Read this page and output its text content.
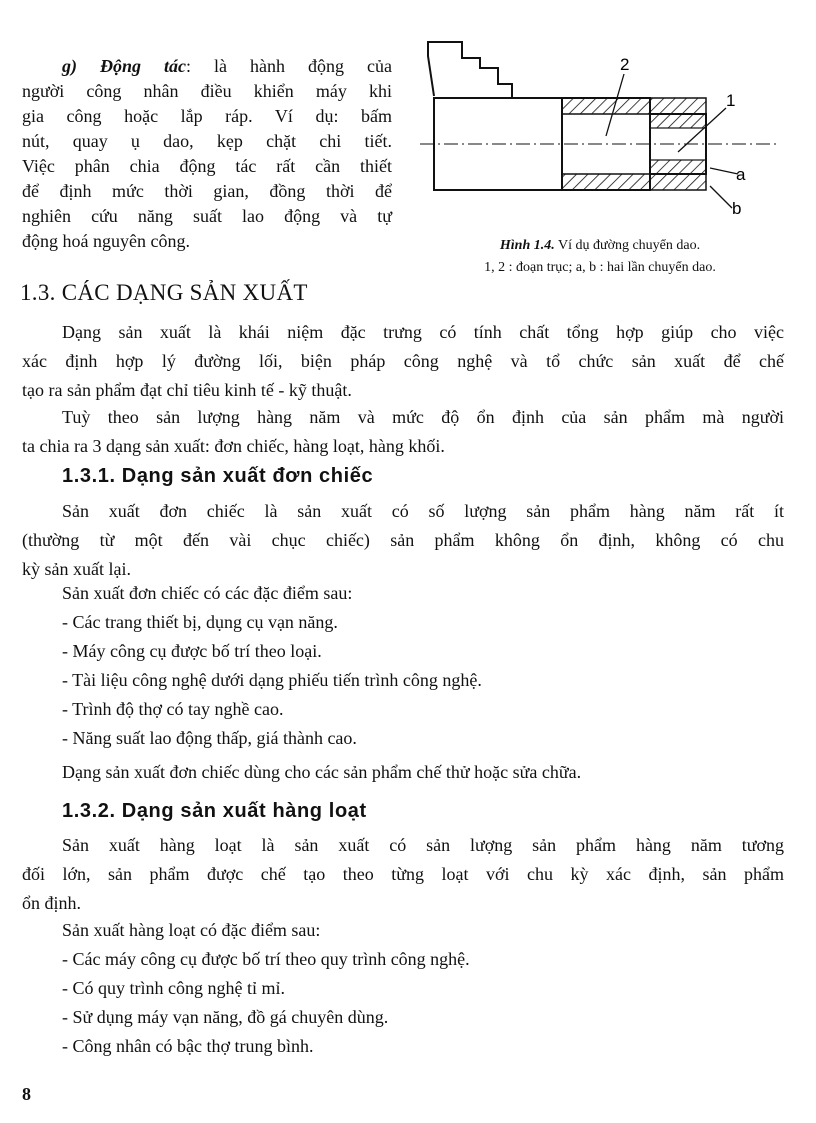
g) Động tác: là hành động của
người công nhân điều khiển máy khi
gia công hoặc lắp ráp. Ví dụ: bấm
nút, quay ụ dao, kẹp chặt chi tiết.
Việc phân chia động tác rất cần thiết
để định mức thời gian, đồng thời để
nghiên cứu năng suất lao động và tự
động hoá nguyên công.
2
1
a
b
Hình 1.4. Ví dụ đường chuyển dao.
1, 2 : đoạn trục; a, b : hai lần chuyển dao.
1.3. CÁC DẠNG SẢN XUẤT
Dạng sản xuất là khái niệm đặc trưng có tính chất tổng hợp giúp cho việc
xác định hợp lý đường lối, biện pháp công nghệ và tổ chức sản xuất để chế
tạo ra sản phẩm đạt chỉ tiêu kinh tế - kỹ thuật.
Tuỳ theo sản lượng hàng năm và mức độ ổn định của sản phẩm mà người
ta chia ra 3 dạng sản xuất: đơn chiếc, hàng loạt, hàng khối.
1.3.1. Dạng sản xuất đơn chiếc
Sản xuất đơn chiếc là sản xuất có số lượng sản phẩm hàng năm rất ít
(thường từ một đến vài chục chiếc) sản phẩm không ổn định, không có chu
kỳ sản xuất lại.
Sản xuất đơn chiếc có các đặc điểm sau:
- Các trang thiết bị, dụng cụ vạn năng.
- Máy công cụ được bố trí theo loại.
- Tài liệu công nghệ dưới dạng phiếu tiến trình công nghệ.
- Trình độ thợ có tay nghề cao.
- Năng suất lao động thấp, giá thành cao.
Dạng sản xuất đơn chiếc dùng cho các sản phẩm chế thử hoặc sửa chữa.
1.3.2. Dạng sản xuất hàng loạt
Sản xuất hàng loạt là sản xuất có sản lượng sản phẩm hàng năm tương
đối lớn, sản phẩm được chế tạo theo từng loạt với chu kỳ xác định, sản phẩm
ổn định.
Sản xuất hàng loạt có đặc điểm sau:
- Các máy công cụ được bố trí theo quy trình công nghệ.
- Có quy trình công nghệ tỉ mỉ.
- Sử dụng máy vạn năng, đồ gá chuyên dùng.
- Công nhân có bậc thợ trung bình.
8
